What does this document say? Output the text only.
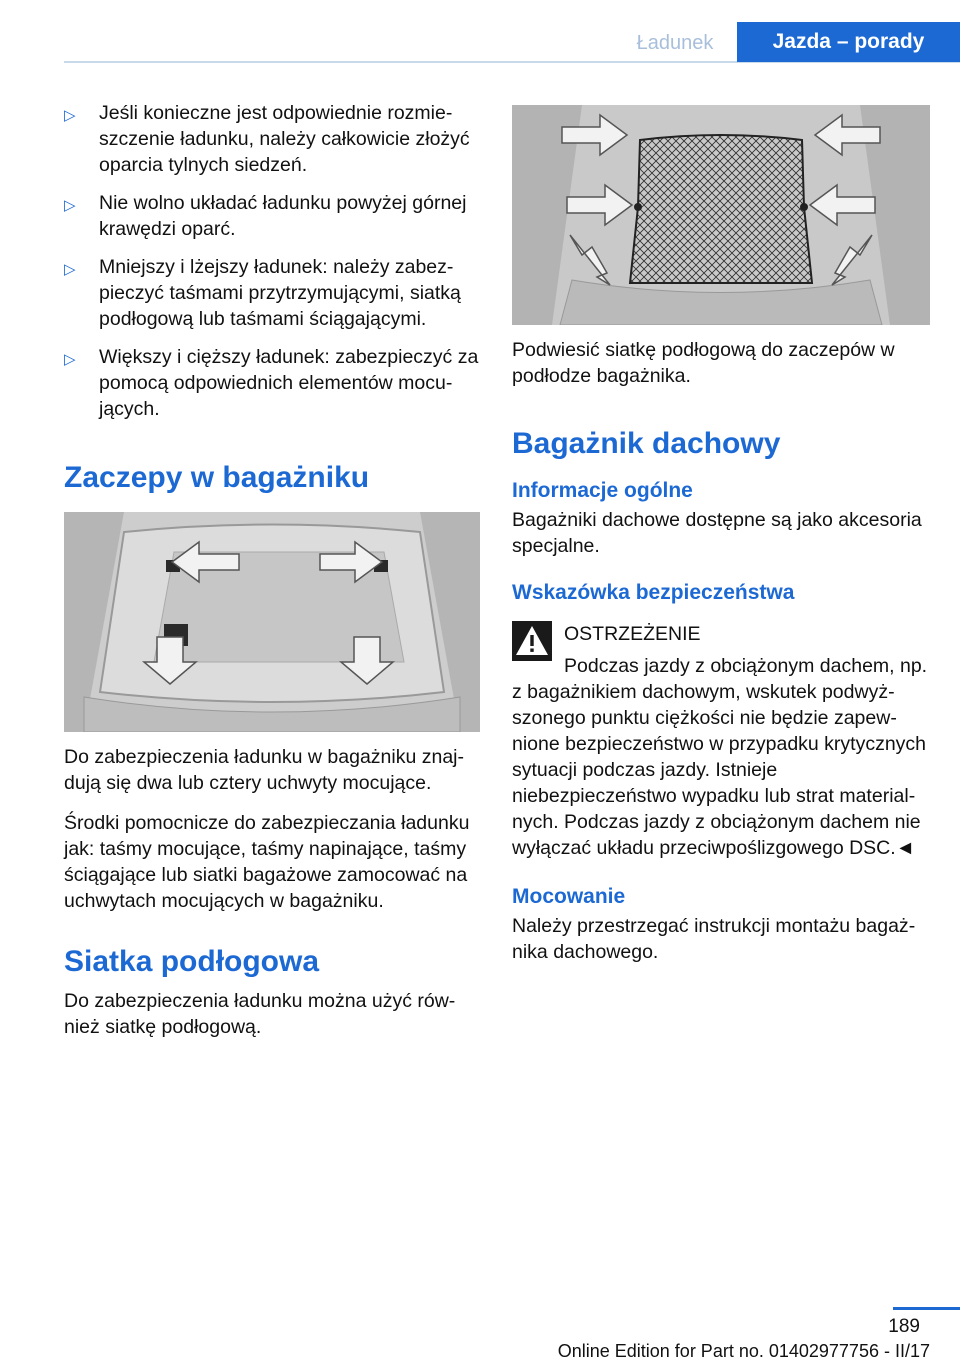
Ładunek	Jazda – porady
▷ Jeśli konieczne jest odpowiednie rozmieszczenie ładunku, należy całkowicie złożyć oparcia tylnych siedzeń.
▷ Nie wolno układać ładunku powyżej górnej krawędzi oparć.
▷ Mniejszy i lżejszy ładunek: należy zabezpieczyć taśmami przytrzymującymi, siatką podłogową lub taśmami ściągającymi.
▷ Większy i cięższy ładunek: zabezpieczyć za pomocą odpowiednich elementów mocujących.
Zaczepy w bagażniku

Do zabezpieczenia ładunku w bagażniku znajdują się dwa lub cztery uchwyty mocujące.

Środki pomocnicze do zabezpieczania ładunku jak: taśmy mocujące, taśmy napinające, taśmy ściągające lub siatki bagażowe zamocować na uchwytach mocujących w bagażniku.

Siatka podłogowa

Do zabezpieczenia ładunku można użyć również siatkę podłogową.

Podwiesić siatkę podłogową do zaczepów w podłodze bagażnika.

Bagażnik dachowy
Informacje ogólne

Bagażniki dachowe dostępne są jako akcesoria specjalne.

Wskazówka bezpieczeństwa

OSTRZEŻENIE

Podczas jazdy z obciążonym dachem, np. z bagażnikiem dachowym, wskutek podwyższonego punktu ciężkości nie będzie zapewnione bezpieczeństwo w przypadku krytycznych sytuacji podczas jazdy. Istnieje niebezpieczeństwo wypadku lub strat materialnych. Podczas jazdy z obciążonym dachem nie wyłączać układu przeciwpoślizgowego DSC.◄

Mocowanie

Należy przestrzegać instrukcji montażu bagażnika dachowego.

189
Online Edition for Part no. 01402977756 - II/17
